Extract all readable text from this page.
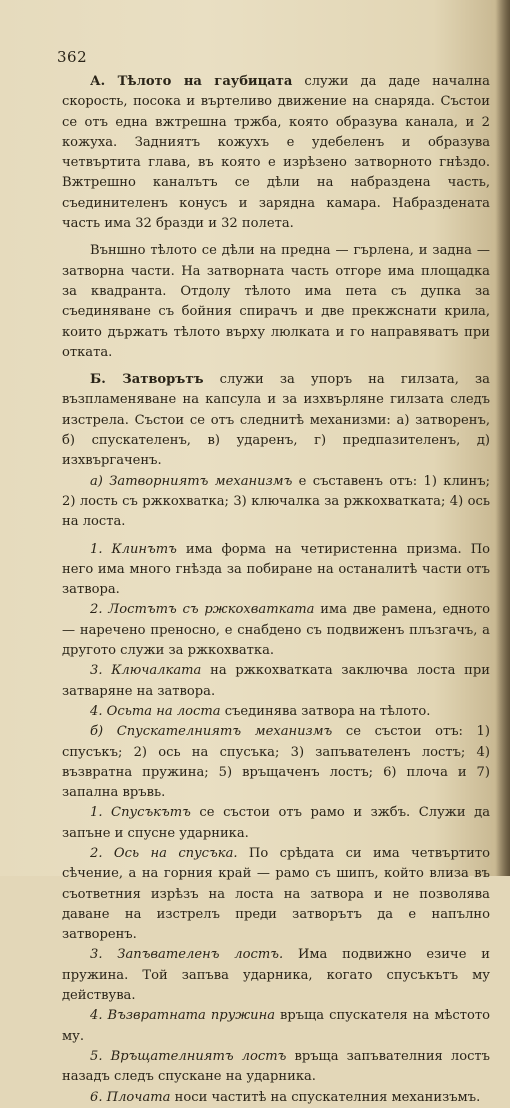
362

А. Тѣлото на гаубицата служи да даде начална скорость, посока и въртеливо движение на снаряда. Състои се отъ една вжтрешна тржба, която образува канала, и 2 кожуха. Задниятъ кожухъ е удебеленъ и образува четвъртита глава, въ която е изрѣзено затворното гнѣздо. Вжтрешно каналътъ се дѣли на набраздена часть, съединителенъ конусъ и зарядна камара. Набраздената часть има 32 бразди и 32 полета.

Външно тѣлото се дѣли на предна — гърлена, и задна — затворна части. На затворната часть отгоре има площадка за квадранта. Отдолу тѣлото има пета съ дупка за съединяване съ бойния спирачъ и две прекжснати крила, които държатъ тѣлото върху люлката и го направяватъ при откатa.

Б. Затворътъ служи за упоръ на гилзата, за възпламеняване на капсула и за изхвърляне гилзата следъ изстрела. Състои се отъ следнитѣ механизми: а) затворенъ, б) спускателенъ, в) ударенъ, г) предпазителенъ, д) изхвъргаченъ.

а) Затворниятъ механизмъ е съставенъ отъ: 1) клинъ; 2) лость съ ржкохватка; 3) ключалка за ржкохватката; 4) ось на лоста.

1. Клинътъ има форма на четиристенна призма. По него има много гнѣзда за побиране на останалитѣ части отъ затвора.

2. Лостътъ съ ржкохватката има две рамена, едното — наречено преносно, е снабдено съ подвиженъ плъзгачъ, а другото служи за ржкохватка.

3. Ключалката на ржкохватката заключва лоста при затваряне на затвора.

4. Осьта на лоста съединява затвора на тѣлото.

б) Спускателниятъ механизмъ се състои отъ: 1) спусъкъ; 2) ось на спусъка; 3) запъвателенъ лостъ; 4) възвратна пружина; 5) връщаченъ лостъ; 6) плоча и 7) запална връвь.

1. Спусъкътъ се състои отъ рамо и зжбъ. Служи да запъне и спусне ударника.

2. Ось на спусъка. По срѣдата си има четвъртито сѣчение, а на горния край — рамо съ шипъ, който влиза въ съответния изрѣзъ на лоста на затвора и не позволява даване на изстрелъ преди затворътъ да е напълно затворенъ.

3. Запъвателенъ лостъ. Има подвижно езиче и пружина. Той запъва ударника, когато спусъкътъ му действува.

4. Възвратната пружина връща спускателя на мѣстото му.

5. Връщателниятъ лостъ връща запъвателния лостъ назадъ следъ спускане на ударника.

6. Плочата носи частитѣ на спускателния механизъмъ.
